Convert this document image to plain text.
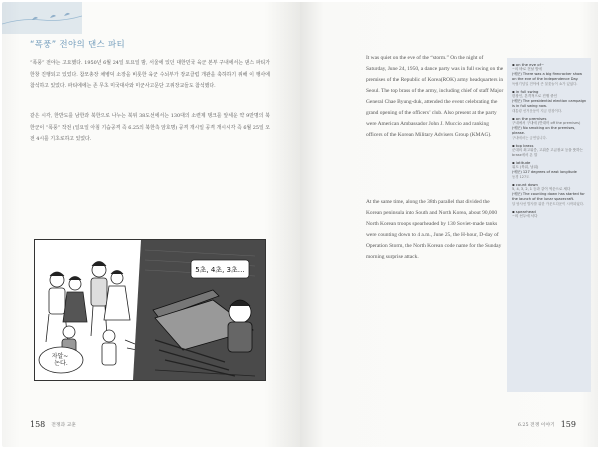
“폭풍” 전야의 댄스 파티

“폭풍” 전야는 고요했다. 1950년 6월 24일 토요일 밤, 서울에 있던 대한민국 육군 본부 구내에서는 댄스 파티가 한창 진행되고 있었다. 참모총장 채병덕 소장을 비롯한 육군 수뇌부가 장교클럽 개관을 축하하기 위해 이 행사에 참석하고 있었다. 파티에에는 존 무초 미국대사와 미군사고문단 고위장교들도 참석했다.

같은 시각, 한반도를 남한과 북한으로 나누는 북위 38도선에서는 130대의 소련제 탱크를 앞세운 약 9만명의 북한군이 “폭풍” 작전 (일요일 아침 기습공격 즉 6.25의 북한측 암호명) 공격 개시일 공격 개시시각 즉 6월 25일 오전 4시를 기초로하고 있었다.

자알~ 논다.
5초, 4초, 3초…
158 전쟁과 교훈

It was quiet on the eve of the “storm.” On the night of Saturday, June 24, 1950, a dance party was in full swing on the premises of the Republic of Korea(ROK) army headquarters in Seoul. The top brass of the army, including chief of staff Major General Chae Byung-duk, attended the event celebrating the grand opening of the officers’ club. Also present at the party were American Ambassador John J. Muccio and ranking officers of the Korean Military Advisers Group (KMAG).

At the same time, along the 38th parallel that divided the Korean peninsula into South and North Korea, about 90,000 North Korean troops spearheaded by 130 Soviet-made tanks were counting down to 4 a.m., June 25, the H-hour, D-day of Operation Storm, the North Korean code name for the Sunday morning surprise attack.

▪ on the eve of~
~의 바로 전날 밤에
(예문) There was a big firecracker show on the eve of the Independence Day.
독립기념일 전야에 큰 불꽃놀이 쇼가 있었다.
▪ in full swing
한창인, 본격적으로 진행 중인
(예문) The presidential election campaign is in full swing now.
대통령 선거운동이 지금 한창이다.
▪ on the premises
구내에서 구내에 (반대어 off the premises)
(예문) No smoking on the premises, please.
구내에서는 금연입니다.
▪ top brass
군대의 최고위층, 고위층 고급장교 등을 뜻하는 brass에서 온 말
▪ latitude
위도 (북위, 남위)
(예문) 127 degrees of east longitude
동경 127도
▪ count down
5, 4, 3, 2, 1 등과 같이 역순으로 세다
(예문) The counting down has started for the launch of the lunar spacecraft.
달 탐사선 발사를 위한 카운트다운이 시작되었다.
▪ spearhead
~의 선두에 서다
6.25 전쟁 이야기 159
